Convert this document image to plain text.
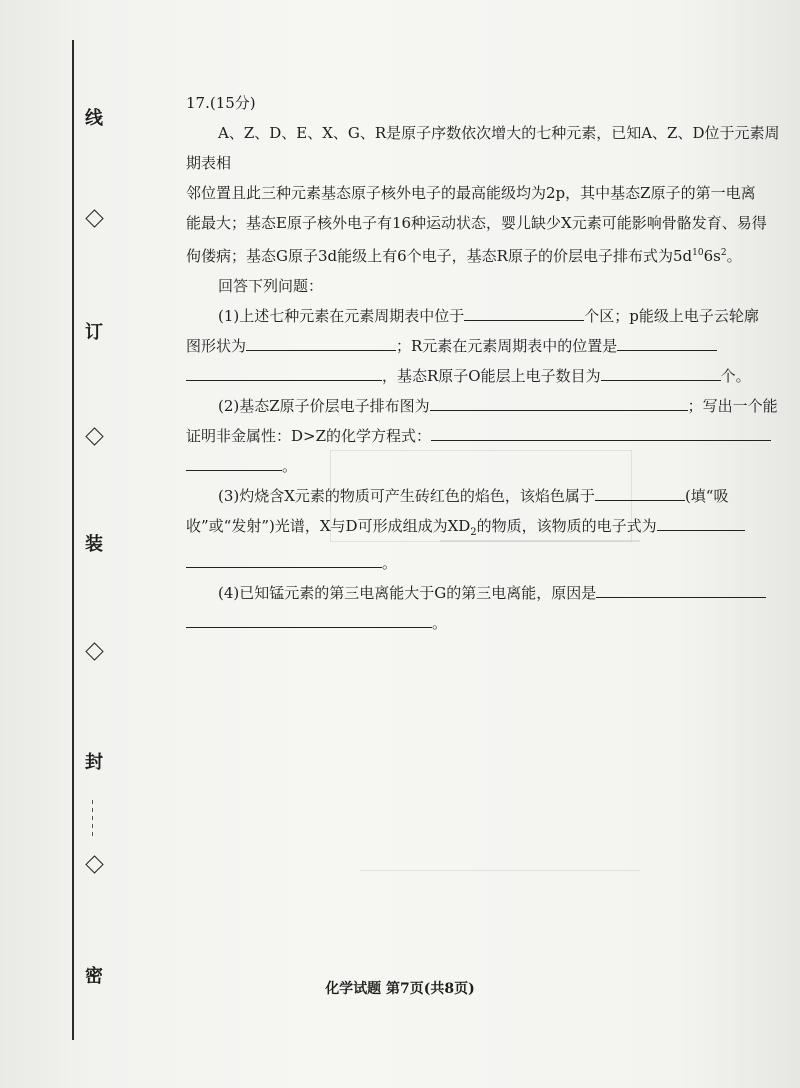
线
订
装
封
密

17.(15分)

A、Z、D、E、X、G、R是原子序数依次增大的七种元素，已知A、Z、D位于元素周期表相

邻位置且此三种元素基态原子核外电子的最高能级均为2p，其中基态Z原子的第一电离

能最大；基态E原子核外电子有16种运动状态，婴儿缺少X元素可能影响骨骼发育、易得

佝偻病；基态G原子3d能级上有6个电子，基态R原子的价层电子排布式为$5d^{10}6s^2$。

回答下列问题：

(1)上述七种元素在元素周期表中位于	个区；p能级上电子云轮廓

图形状为	；R元素在元素周期表中的位置是

，基态R原子O能层上电子数目为	个。

(2)基态Z原子价层电子排布图为	；写出一个能

证明非金属性：D>Z的化学方程式：

。

(3)灼烧含X元素的物质可产生砖红色的焰色，该焰色属于	(填“吸

收”或“发射”)光谱，X与D可形成组成为$XD_2$的物质，该物质的电子式为

。

(4)已知锰元素的第三电离能大于G的第三电离能，原因是

。

化学试题 第7页(共8页)
